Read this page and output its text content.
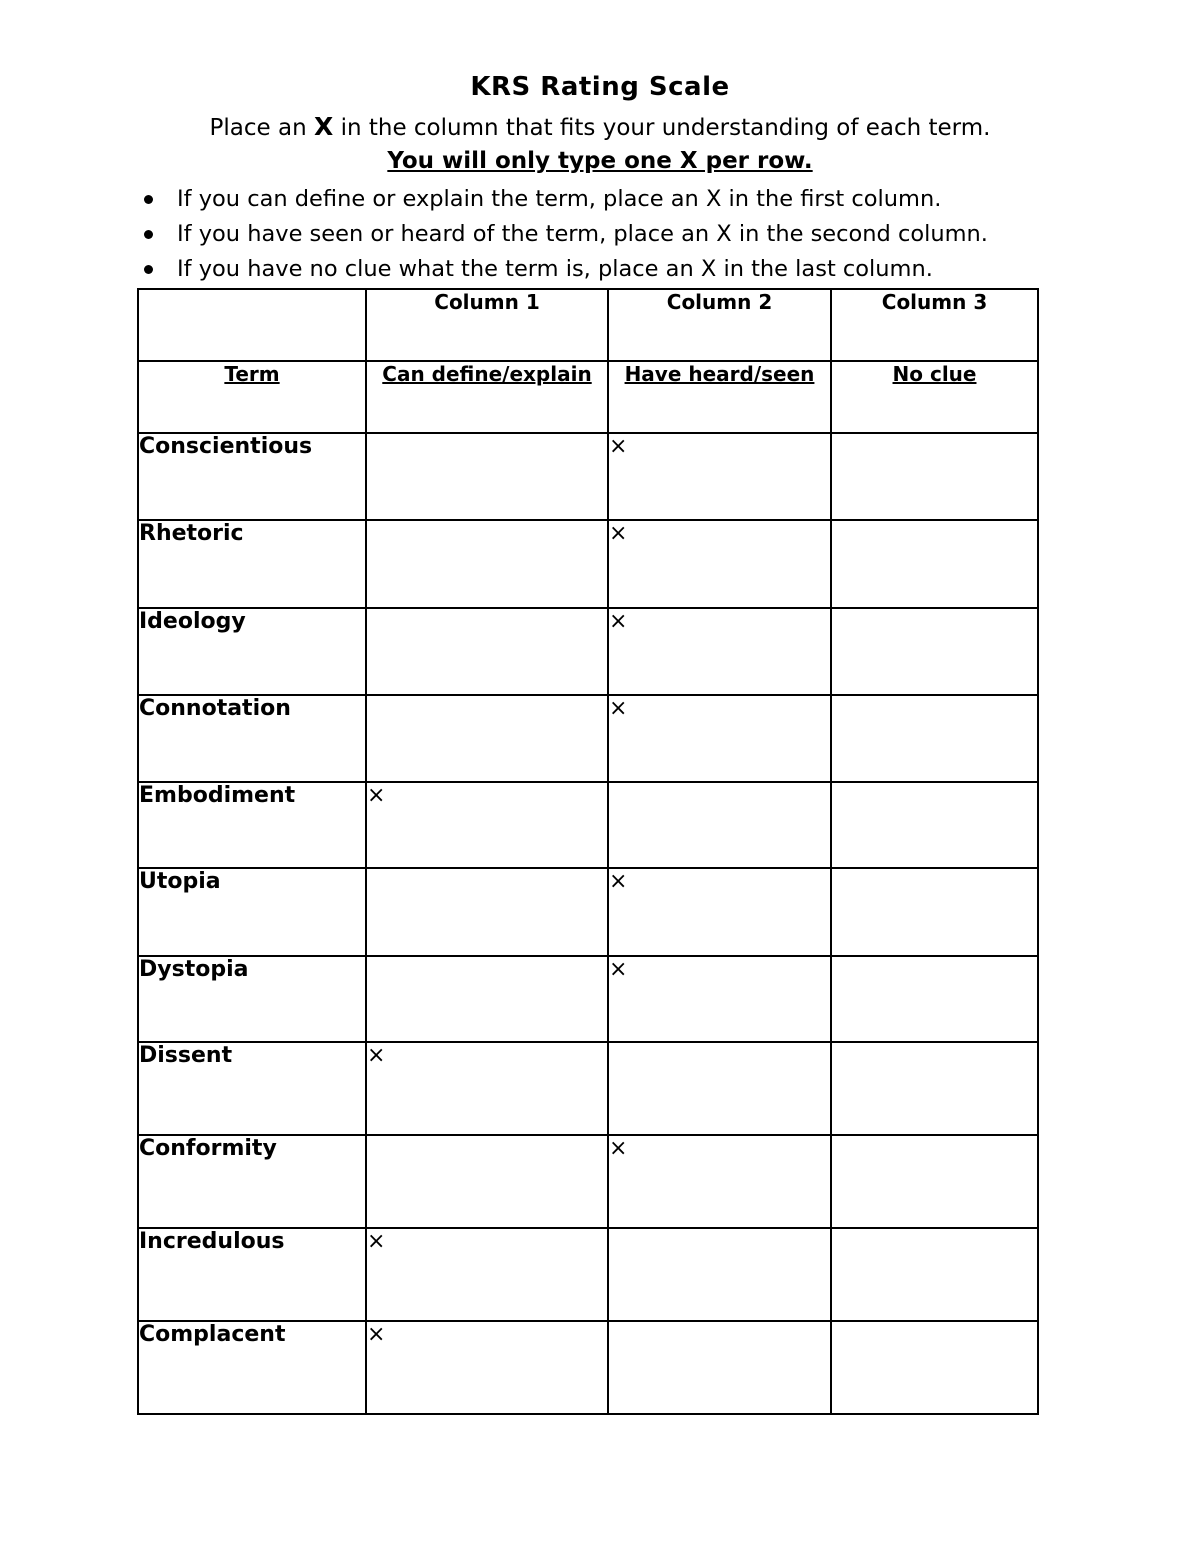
KRS Rating Scale
Place an X in the column that fits your understanding of each term.
You will only type one X per row.
If you can define or explain the term, place an X in the first column.
If you have seen or heard of the term, place an X in the second column.
If you have no clue what the term is, place an X in the last column.
	Column 1	Column 2	Column 3
Term	Can define/explain	Have heard/seen	No clue
Conscientious		×	
Rhetoric		×	
Ideology		×	
Connotation		×	
Embodiment	×		
Utopia		×	
Dystopia		×	
Dissent	×		
Conformity		×	
Incredulous	×		
Complacent	×		
